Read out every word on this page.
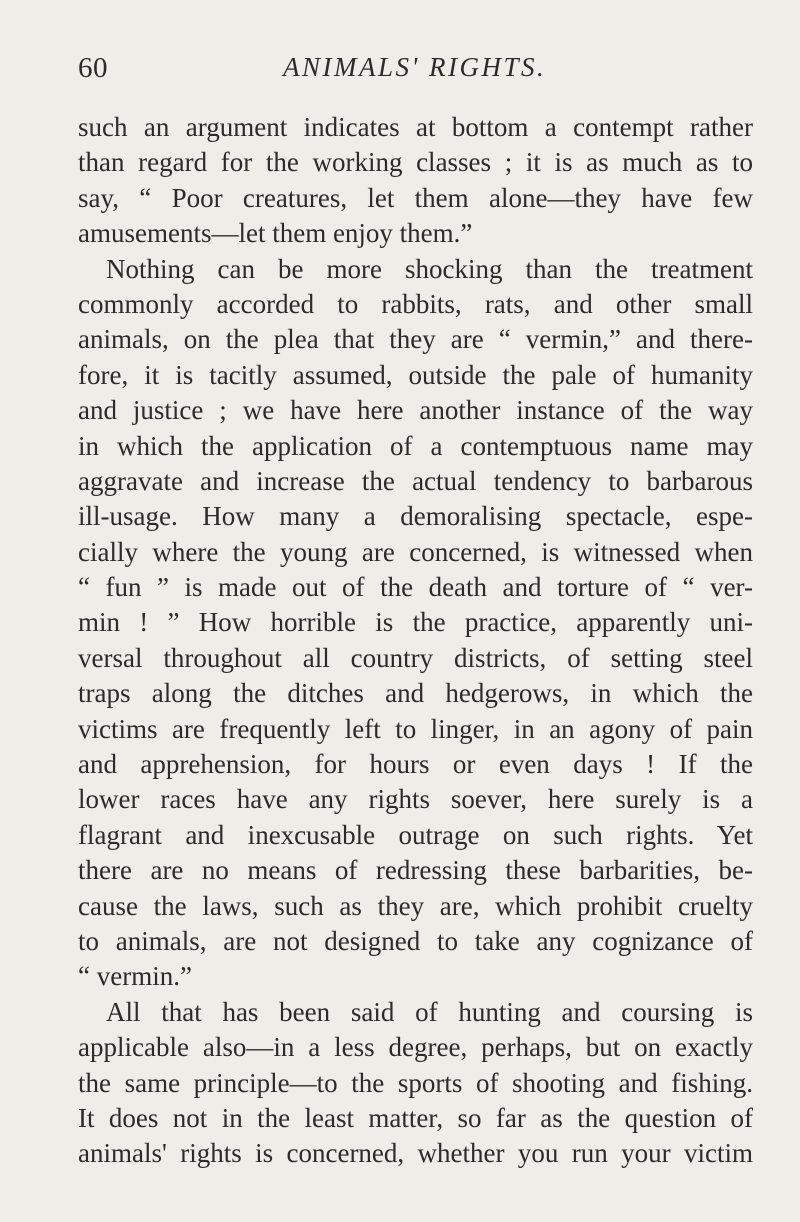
60	ANIMALS' RIGHTS.
such an argument indicates at bottom a contempt rather
than regard for the working classes ; it is as much as to
say, “ Poor creatures, let them alone—they have few
amusements—let them enjoy them.”
Nothing can be more shocking than the treatment
commonly accorded to rabbits, rats, and other small
animals, on the plea that they are “ vermin,” and there-
fore, it is tacitly assumed, outside the pale of humanity
and justice ; we have here another instance of the way
in which the application of a contemptuous name may
aggravate and increase the actual tendency to barbarous
ill-usage. How many a demoralising spectacle, espe-
cially where the young are concerned, is witnessed when
“ fun ” is made out of the death and torture of “ ver-
min ! ” How horrible is the practice, apparently uni-
versal throughout all country districts, of setting steel
traps along the ditches and hedgerows, in which the
victims are frequently left to linger, in an agony of pain
and apprehension, for hours or even days ! If the
lower races have any rights soever, here surely is a
flagrant and inexcusable outrage on such rights. Yet
there are no means of redressing these barbarities, be-
cause the laws, such as they are, which prohibit cruelty
to animals, are not designed to take any cognizance of
“ vermin.”
All that has been said of hunting and coursing is
applicable also—in a less degree, perhaps, but on exactly
the same principle—to the sports of shooting and fishing.
It does not in the least matter, so far as the question of
animals' rights is concerned, whether you run your victim
